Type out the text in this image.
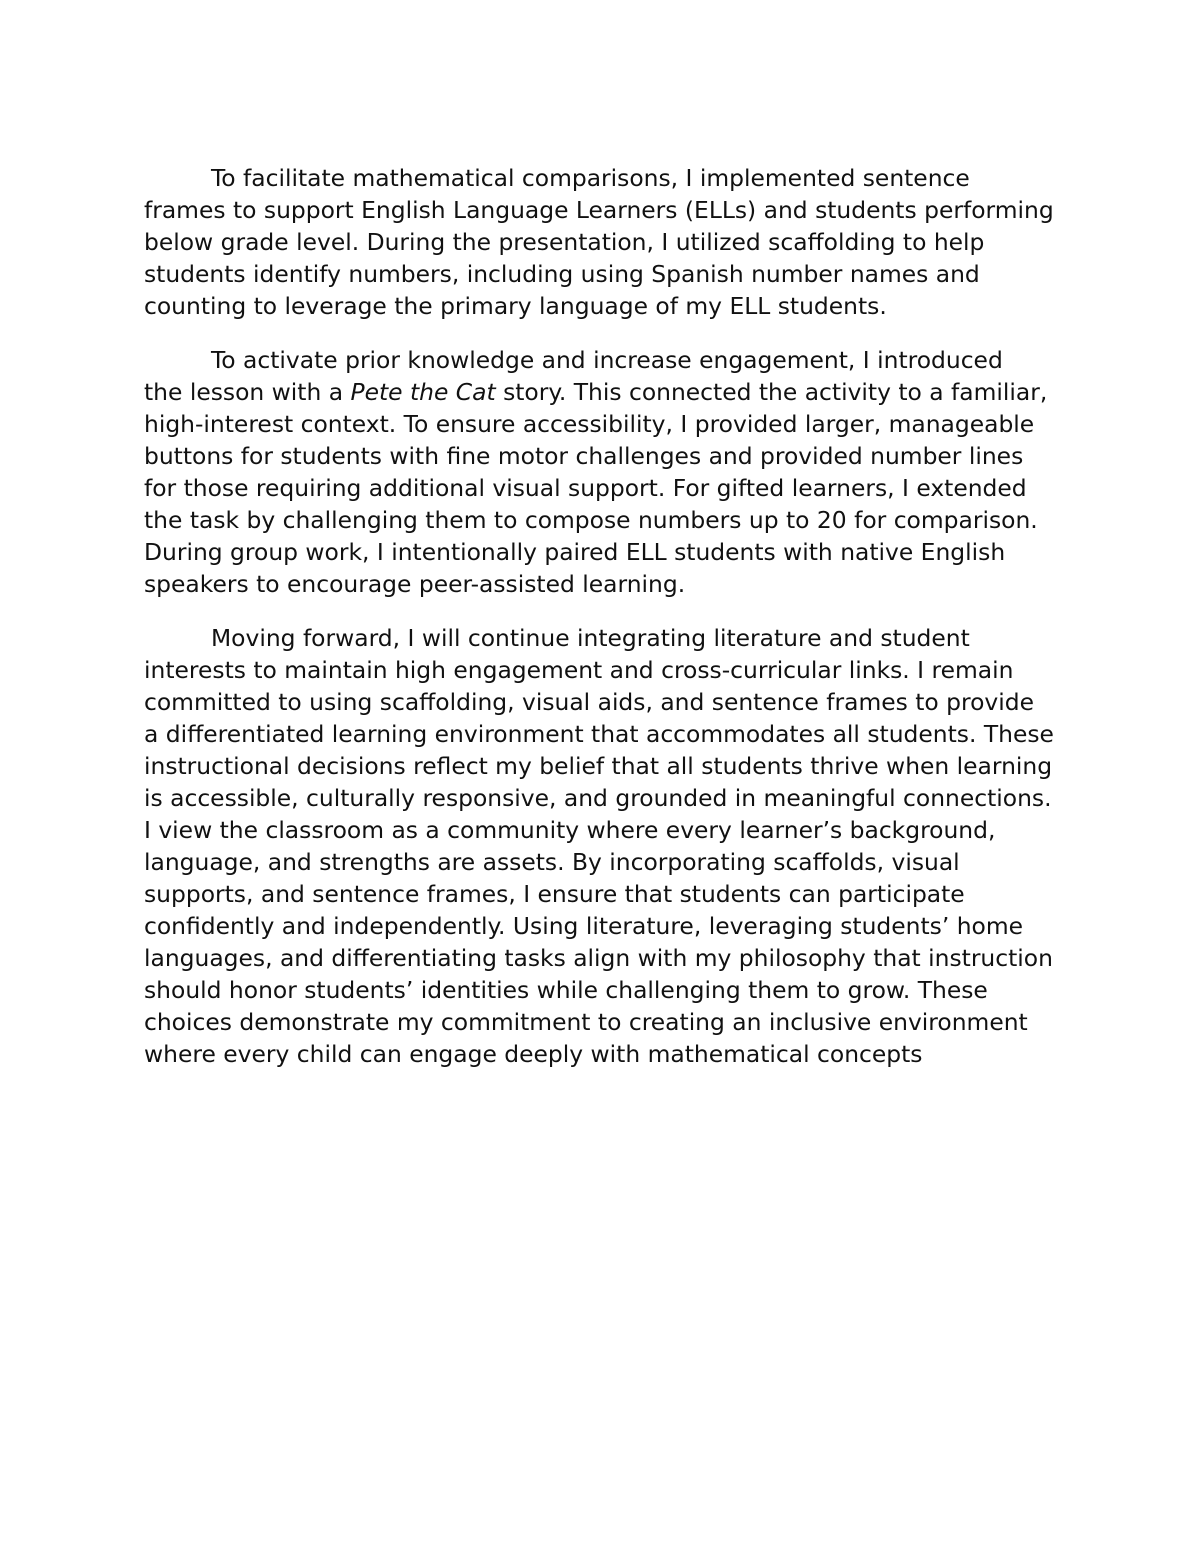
To facilitate mathematical comparisons, I implemented sentence
frames to support English Language Learners (ELLs) and students performing
below grade level. During the presentation, I utilized scaffolding to help
students identify numbers, including using Spanish number names and
counting to leverage the primary language of my ELL students.
To activate prior knowledge and increase engagement, I introduced
the lesson with a Pete the Cat story. This connected the activity to a familiar,
high-interest context. To ensure accessibility, I provided larger, manageable
buttons for students with fine motor challenges and provided number lines
for those requiring additional visual support. For gifted learners, I extended
the task by challenging them to compose numbers up to 20 for comparison.
During group work, I intentionally paired ELL students with native English
speakers to encourage peer-assisted learning.
Moving forward, I will continue integrating literature and student
interests to maintain high engagement and cross-curricular links. I remain
committed to using scaffolding, visual aids, and sentence frames to provide
a differentiated learning environment that accommodates all students. These
instructional decisions reflect my belief that all students thrive when learning
is accessible, culturally responsive, and grounded in meaningful connections.
I view the classroom as a community where every learner’s background,
language, and strengths are assets. By incorporating scaffolds, visual
supports, and sentence frames, I ensure that students can participate
confidently and independently. Using literature, leveraging students’ home
languages, and differentiating tasks align with my philosophy that instruction
should honor students’ identities while challenging them to grow. These
choices demonstrate my commitment to creating an inclusive environment
where every child can engage deeply with mathematical concepts
